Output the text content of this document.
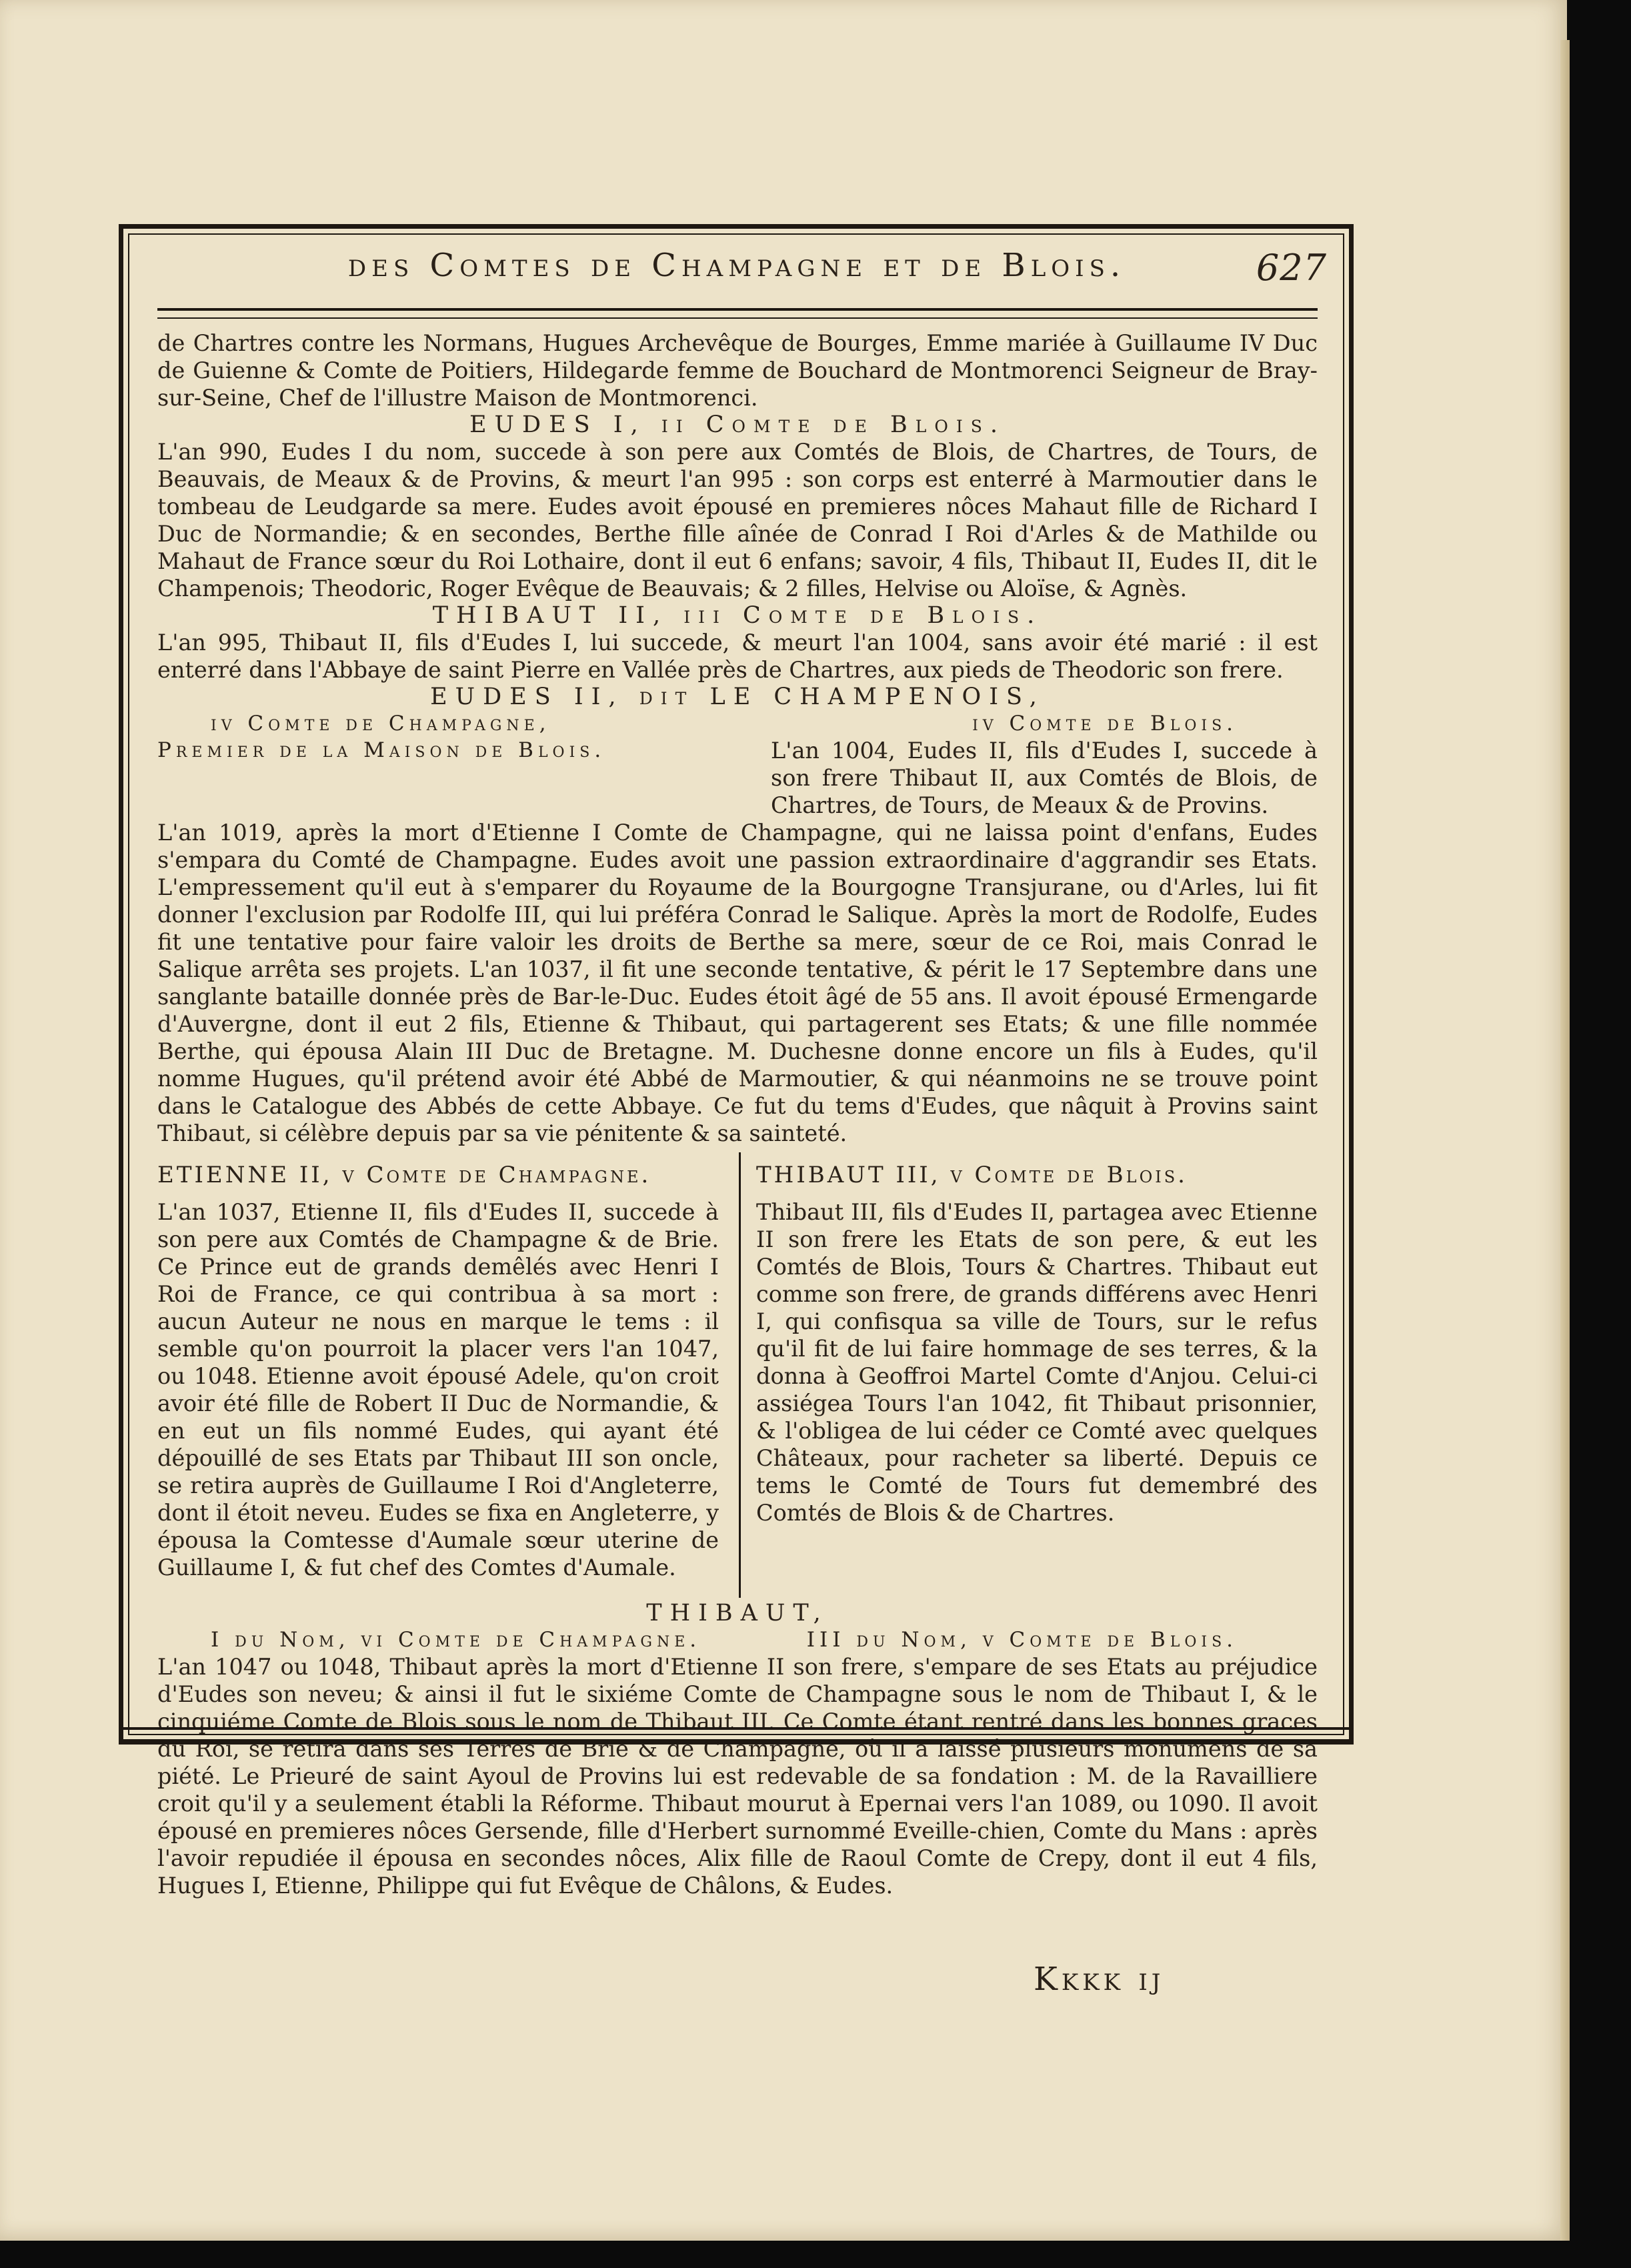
des Comtes de Champagne et de Blois.	627

de Chartres contre les Normans, Hugues Archevêque de Bourges, Emme mariée à Guillaume IV Duc de Guienne & Comte de Poitiers, Hildegarde femme de Bouchard de Montmorenci Seigneur de Bray-sur-Seine, Chef de l'illustre Maison de Montmorenci.

EUDES I, ii Comte de Blois.

L'an 990, Eudes I du nom, succede à son pere aux Comtés de Blois, de Chartres, de Tours, de Beauvais, de Meaux & de Provins, & meurt l'an 995 : son corps est enterré à Marmoutier dans le tombeau de Leudgarde sa mere. Eudes avoit épousé en premieres nôces Mahaut fille de Richard I Duc de Normandie; & en secondes, Berthe fille aînée de Conrad I Roi d'Arles & de Mathilde ou Mahaut de France sœur du Roi Lothaire, dont il eut 6 enfans; savoir, 4 fils, Thibaut II, Eudes II, dit le Champenois; Theodoric, Roger Evêque de Beauvais; & 2 filles, Helvise ou Aloïse, & Agnès.

THIBAUT II, iii Comte de Blois.

L'an 995, Thibaut II, fils d'Eudes I, lui succede, & meurt l'an 1004, sans avoir été marié : il est enterré dans l'Abbaye de saint Pierre en Vallée près de Chartres, aux pieds de Theodoric son frere.

EUDES II, dit LE CHAMPENOIS,
iv Comte de Champagne,	iv Comte de Blois.
Premier de la Maison de Blois.	L'an 1004, Eudes II, fils d'Eudes I, succede à son frere Thibaut II, aux Comtés de Blois, de Chartres, de Tours, de Meaux & de Provins.

L'an 1019, après la mort d'Etienne I Comte de Champagne, qui ne laissa point d'enfans, Eudes s'empara du Comté de Champagne. Eudes avoit une passion extraordinaire d'aggrandir ses Etats. L'empressement qu'il eut à s'emparer du Royaume de la Bourgogne Transjurane, ou d'Arles, lui fit donner l'exclusion par Rodolfe III, qui lui préféra Conrad le Salique. Après la mort de Rodolfe, Eudes fit une tentative pour faire valoir les droits de Berthe sa mere, sœur de ce Roi, mais Conrad le Salique arrêta ses projets. L'an 1037, il fit une seconde tentative, & périt le 17 Septembre dans une sanglante bataille donnée près de Bar-le-Duc. Eudes étoit âgé de 55 ans. Il avoit épousé Ermengarde d'Auvergne, dont il eut 2 fils, Etienne & Thibaut, qui partagerent ses Etats; & une fille nommée Berthe, qui épousa Alain III Duc de Bretagne. M. Duchesne donne encore un fils à Eudes, qu'il nomme Hugues, qu'il prétend avoir été Abbé de Marmoutier, & qui néanmoins ne se trouve point dans le Catalogue des Abbés de cette Abbaye. Ce fut du tems d'Eudes, que nâquit à Provins saint Thibaut, si célèbre depuis par sa vie pénitente & sa sainteté.

ETIENNE II, v Comte de Champagne.

L'an 1037, Etienne II, fils d'Eudes II, succede à son pere aux Comtés de Champagne & de Brie. Ce Prince eut de grands demêlés avec Henri I Roi de France, ce qui contribua à sa mort : aucun Auteur ne nous en marque le tems : il semble qu'on pourroit la placer vers l'an 1047, ou 1048. Etienne avoit épousé Adele, qu'on croit avoir été fille de Robert II Duc de Normandie, & en eut un fils nommé Eudes, qui ayant été dépouillé de ses Etats par Thibaut III son oncle, se retira auprès de Guillaume I Roi d'Angleterre, dont il étoit neveu. Eudes se fixa en Angleterre, y épousa la Comtesse d'Aumale sœur uterine de Guillaume I, & fut chef des Comtes d'Aumale.

THIBAUT III, v Comte de Blois.

Thibaut III, fils d'Eudes II, partagea avec Etienne II son frere les Etats de son pere, & eut les Comtés de Blois, Tours & Chartres. Thibaut eut comme son frere, de grands différens avec Henri I, qui confisqua sa ville de Tours, sur le refus qu'il fit de lui faire hommage de ses terres, & la donna à Geoffroi Martel Comte d'Anjou. Celui-ci assiégea Tours l'an 1042, fit Thibaut prisonnier, & l'obligea de lui céder ce Comté avec quelques Châteaux, pour racheter sa liberté. Depuis ce tems le Comté de Tours fut demembré des Comtés de Blois & de Chartres.

THIBAUT,
I du Nom, vi Comte de Champagne.	III du Nom, v Comte de Blois.

L'an 1047 ou 1048, Thibaut après la mort d'Etienne II son frere, s'empare de ses Etats au préjudice d'Eudes son neveu; & ainsi il fut le sixiéme Comte de Champagne sous le nom de Thibaut I, & le cinquiéme Comte de Blois sous le nom de Thibaut III. Ce Comte étant rentré dans les bonnes graces du Roi, se retira dans ses Terres de Brie & de Champagne, où il a laissé plusieurs monumens de sa piété. Le Prieuré de saint Ayoul de Provins lui est redevable de sa fondation : M. de la Ravailliere croit qu'il y a seulement établi la Réforme. Thibaut mourut à Epernai vers l'an 1089, ou 1090. Il avoit épousé en premieres nôces Gersende, fille d'Herbert surnommé Eveille-chien, Comte du Mans : après l'avoir repudiée il épousa en secondes nôces, Alix fille de Raoul Comte de Crepy, dont il eut 4 fils, Hugues I, Etienne, Philippe qui fut Evêque de Châlons, & Eudes.

Kkkk ij
